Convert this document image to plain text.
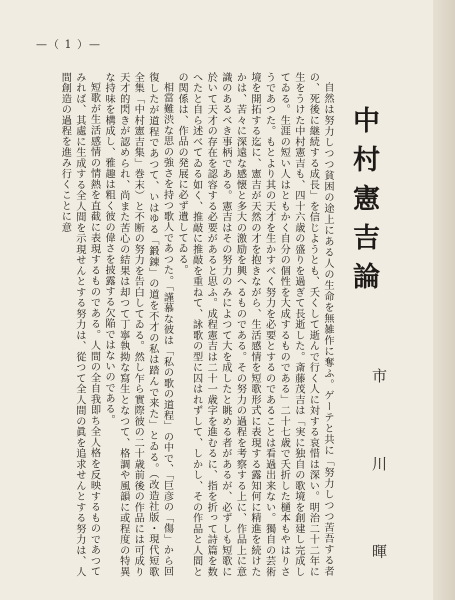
—（ 1 ）—
中村憲吉論
市 川 暉

自然は努力しつつ貧困の途上にある人の生命を無雑作に奪ふ。ゲーテと共に「努力しつつ苦吾する者の、死後に継続する成長」を信じようとも、夭くして逝んで行く人に対する哀惜は深い。明治二十二年に生をうけた中村憲吉も、四十六歳の盛りを過ぎて長逝した。斎藤茂吉は「実に独自の歌境を創建し完成してゐる。生涯の短い人はともかく自分の個性を大成するものである」二十七歳で夭折した樋本もやはりさうであつた。もとより其の天才を生かすべく努力を必要とするのであることは看過出来ない。獨自の芸術境を開拓する迄に、憲吉が天然の才を抱きながら、生活感情を短歌形式に表現する露知何に精進を続けたかは、苦々に深遠な感懐と多大の激励を興へるものである。その努力の過程を考察する上に、作品上に意識のあるべき事柄である。憲吉はその努力のみによつて大を成したと眺める者があるが、必ずしも短歌に於いて天才の存在を認容する必要があると思ふ。成程憲吉は二十一歳字を進むるに、指を折って詩篇を数へたと自ら述べてゐる如く、推敲に推敲を重ねて、詠歌の型に囚はれずして、しかし、その作品と人間との関係は、作品の発展に必ず遺してゐる。

相當難渋な思の強さを持つ歌人であつた。「謹慕な彼は「私の歌の道程」の中で、「巨彦の「傷」から回復したが道程であつて、いはゆる「鍛錬」の道を不才の私は踏んで来た」とゐる。（改造社版・現代短歌全集「中村憲吉集」巻末）と不断の努力を告白してゐる。然し乍ら實際彼の二十歳前後の作品には可成り天才的閃きが認められ、尚また苦心の結果は却つて丁寧執拗な寫生となつて、格調や風韻に或程度の特異な持味を構成し、雅趣は粗く彼の偉さを披露する欠陥ではないのである。

短歌が生活感情の情熱を直截に表現するものである。人間の全自我即ち全人格を反映するものであつてみれば、其處に生成する全人間を示現せんとする努力は、從つて全人間の眞を追求せんとする努力は、人間創造の過程を進み行くことに意
